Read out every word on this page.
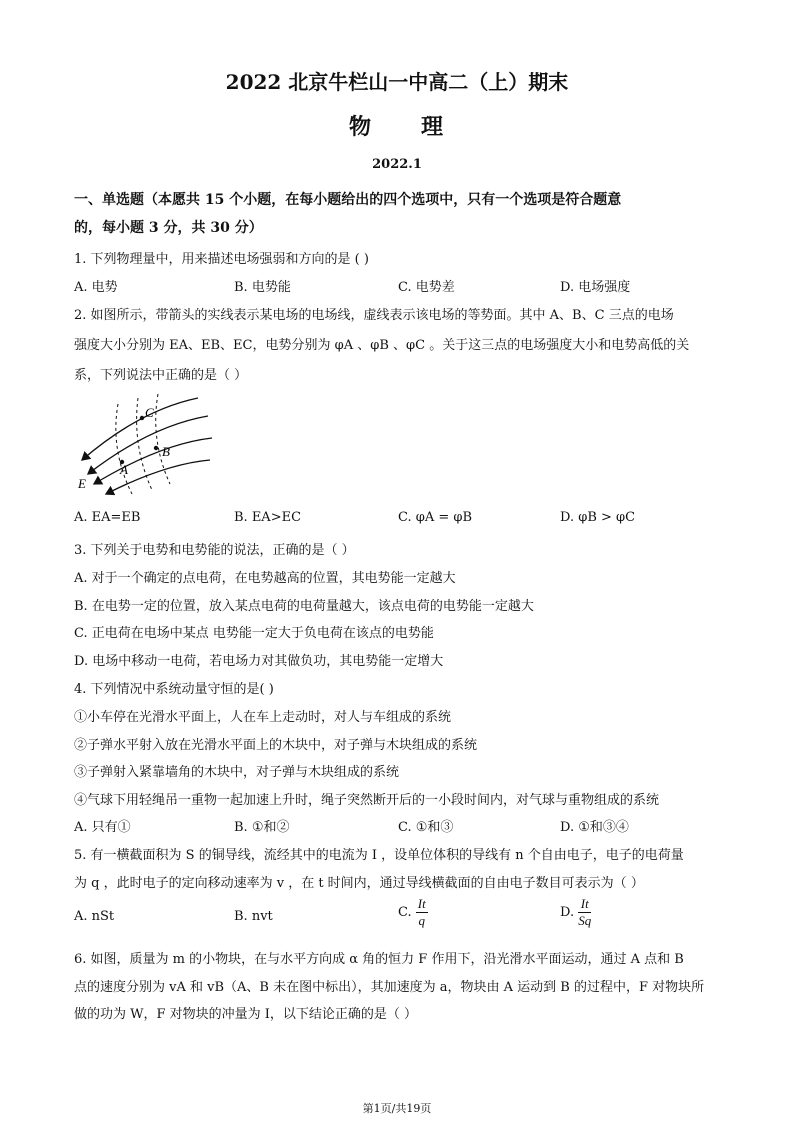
2022 北京牛栏山一中高二（上）期末
物 理
2022.1
一、单选题（本愿共 15 个小题，在每小题给出的四个选项中，只有一个选项是符合题意
的，每小题 3 分，共 30 分）
1. 下列物理量中，用来描述电场强弱和方向的是 ( )
A. 电势	B. 电势能	C. 电势差	D. 电场强度
2. 如图所示，带箭头的实线表示某电场的电场线，虚线表示该电场的等势面。其中 A、B、C 三点的电场
强度大小分别为 EA、EB、EC，电势分别为 φA 、φB 、φC 。关于这三点的电场强度大小和电势高低的关
系，下列说法中正确的是（ ）
C
B
A
E
A. EA=EB	B. EA>EC	C. φA = φB	D. φB > φC
3. 下列关于电势和电势能的说法，正确的是（ ）
A. 对于一个确定的点电荷，在电势越高的位置，其电势能一定越大
B. 在电势一定的位置，放入某点电荷的电荷量越大，该点电荷的电势能一定越大
C. 正电荷在电场中某点 电势能一定大于负电荷在该点的电势能
D. 电场中移动一电荷，若电场力对其做负功，其电势能一定增大
4. 下列情况中系统动量守恒的是( )
①小车停在光滑水平面上，人在车上走动时，对人与车组成的系统
②子弹水平射入放在光滑水平面上的木块中，对子弹与木块组成的系统
③子弹射入紧靠墙角的木块中，对子弹与木块组成的系统
④气球下用轻绳吊一重物一起加速上升时，绳子突然断开后的一小段时间内，对气球与重物组成的系统
A. 只有①	B. ①和②	C. ①和③	D. ①和③④
5. 有一横截面积为 S 的铜导线，流经其中的电流为 I ，设单位体积的导线有 n 个自由电子，电子的电荷量
为 q ，此时电子的定向移动速率为 v ，在 t 时间内，通过导线横截面的自由电子数目可表示为（ ）
A. nSt	B. nvt	C. $\frac{It}{q}$	D. $\frac{It}{Sq}$
6. 如图，质量为 m 的小物块，在与水平方向成 α 角的恒力 F 作用下，沿光滑水平面运动，通过 A 点和 B
点的速度分别为 vA 和 vB（A、B 未在图中标出），其加速度为 a，物块由 A 运动到 B 的过程中，F 对物块所
做的功为 W，F 对物块的冲量为 I，以下结论正确的是（ ）
第1页/共19页
